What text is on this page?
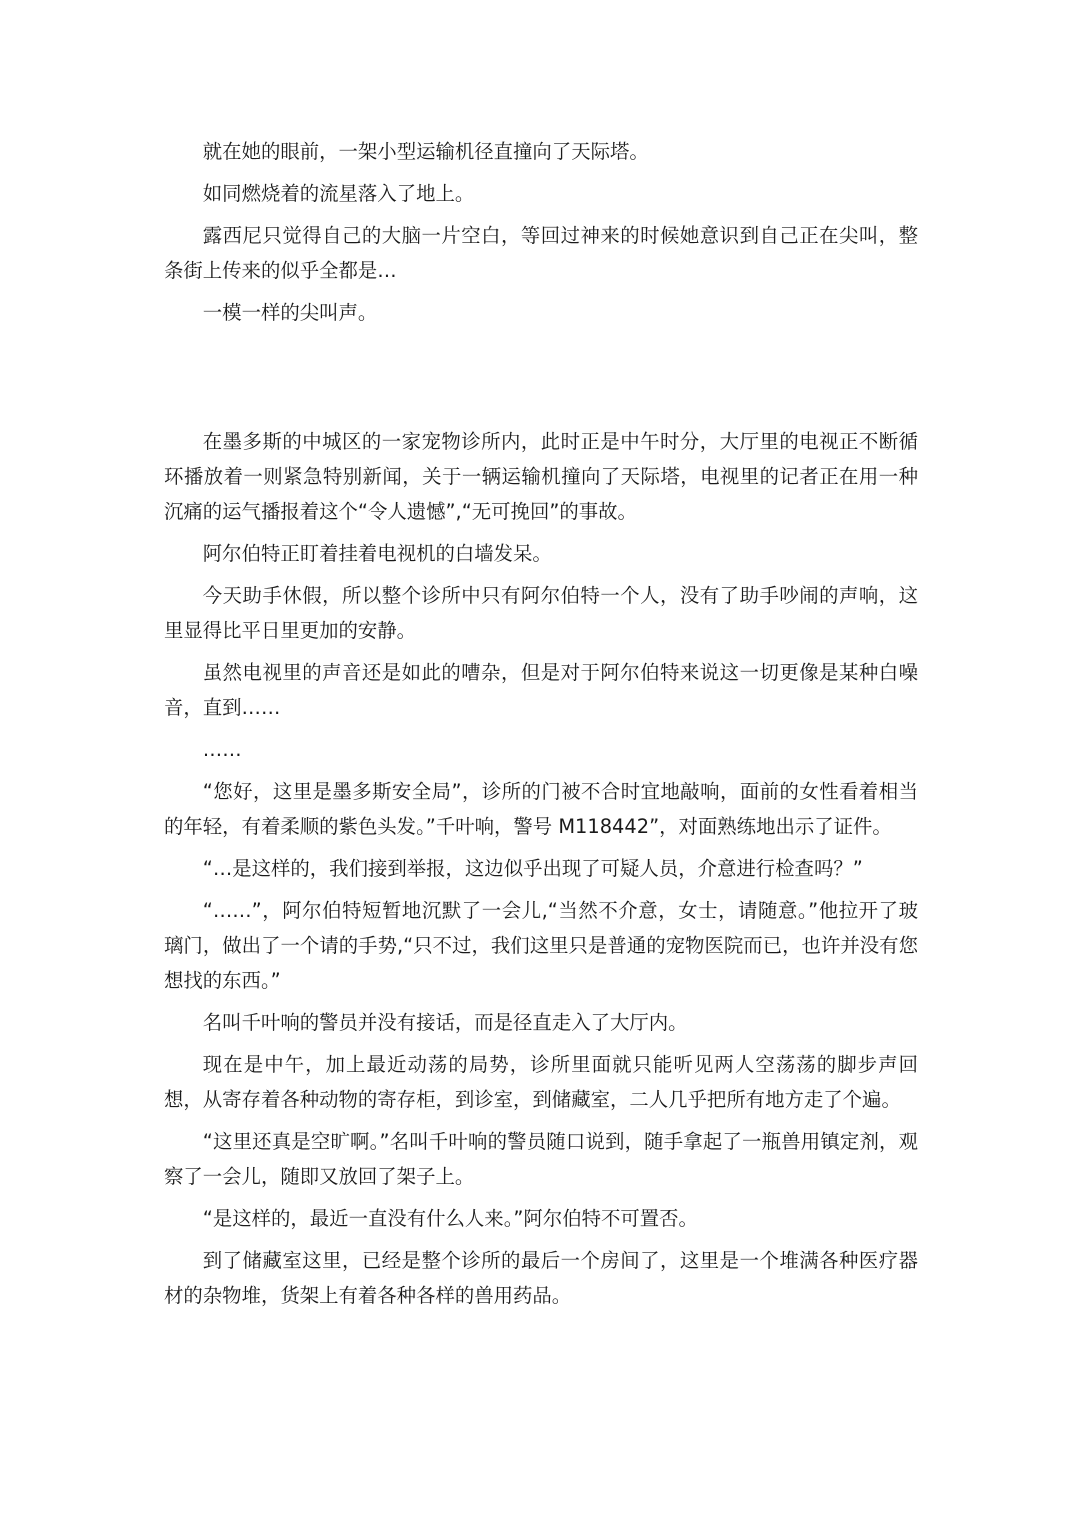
就在她的眼前，一架小型运输机径直撞向了天际塔。

如同燃烧着的流星落入了地上。

露西尼只觉得自己的大脑一片空白，等回过神来的时候她意识到自己正在尖叫，整条街上传来的似乎全都是…

一模一样的尖叫声。

在墨多斯的中城区的一家宠物诊所内，此时正是中午时分，大厅里的电视正不断循环播放着一则紧急特别新闻，关于一辆运输机撞向了天际塔，电视里的记者正在用一种沉痛的运气播报着这个“令人遗憾”,“无可挽回”的事故。

阿尔伯特正盯着挂着电视机的白墙发呆。

今天助手休假，所以整个诊所中只有阿尔伯特一个人，没有了助手吵闹的声响，这里显得比平日里更加的安静。

虽然电视里的声音还是如此的嘈杂，但是对于阿尔伯特来说这一切更像是某种白噪音，直到……

……

“您好，这里是墨多斯安全局”，诊所的门被不合时宜地敲响，面前的女性看着相当的年轻，有着柔顺的紫色头发。”千叶响，警号 M118442”，对面熟练地出示了证件。

“…是这样的，我们接到举报，这边似乎出现了可疑人员，介意进行检查吗？”

“……”，阿尔伯特短暂地沉默了一会儿,“当然不介意，女士，请随意。”他拉开了玻璃门，做出了一个请的手势,“只不过，我们这里只是普通的宠物医院而已，也许并没有您想找的东西。”

名叫千叶响的警员并没有接话，而是径直走入了大厅内。

现在是中午，加上最近动荡的局势，诊所里面就只能听见两人空荡荡的脚步声回想，从寄存着各种动物的寄存柜，到诊室，到储藏室，二人几乎把所有地方走了个遍。

“这里还真是空旷啊。”名叫千叶响的警员随口说到，随手拿起了一瓶兽用镇定剂，观察了一会儿，随即又放回了架子上。

“是这样的，最近一直没有什么人来。”阿尔伯特不可置否。

到了储藏室这里，已经是整个诊所的最后一个房间了，这里是一个堆满各种医疗器材的杂物堆，货架上有着各种各样的兽用药品。
